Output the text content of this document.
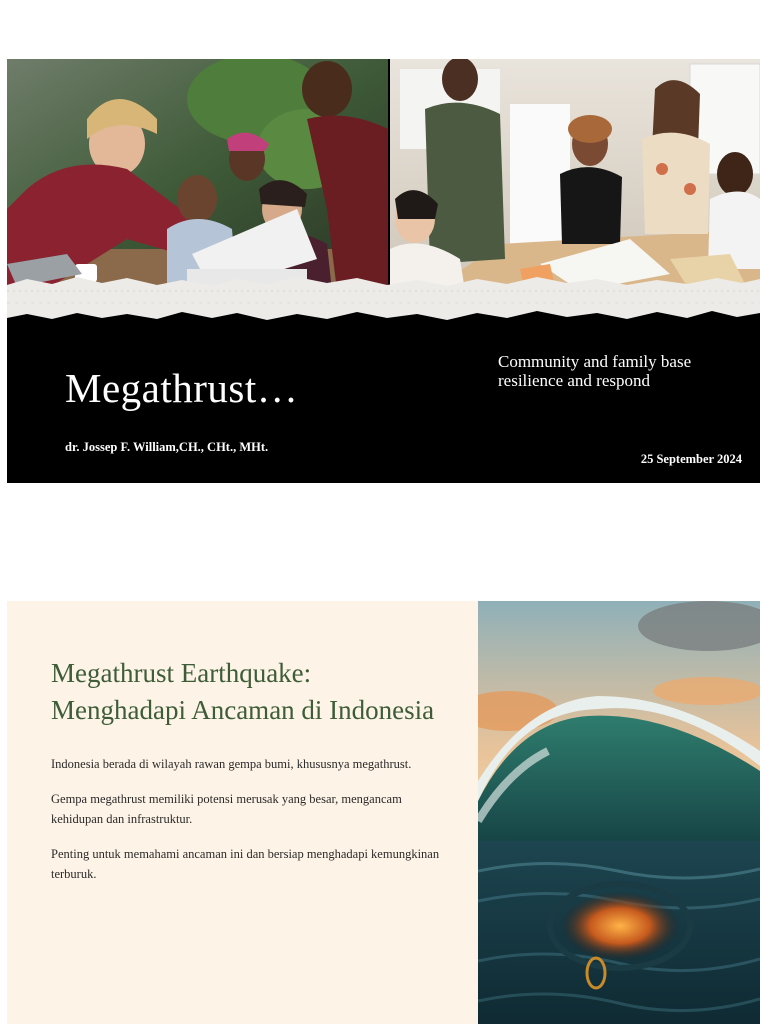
Megathrust…
dr. Jossep F. William,CH., CHt., MHt.
Community and family base resilience and respond
25 September 2024
Megathrust Earthquake: Menghadapi Ancaman di Indonesia

Indonesia berada di wilayah rawan gempa bumi, khususnya megathrust.

Gempa megathrust memiliki potensi merusak yang besar, mengancam kehidupan dan infrastruktur.

Penting untuk memahami ancaman ini dan bersiap menghadapi kemungkinan terburuk.
